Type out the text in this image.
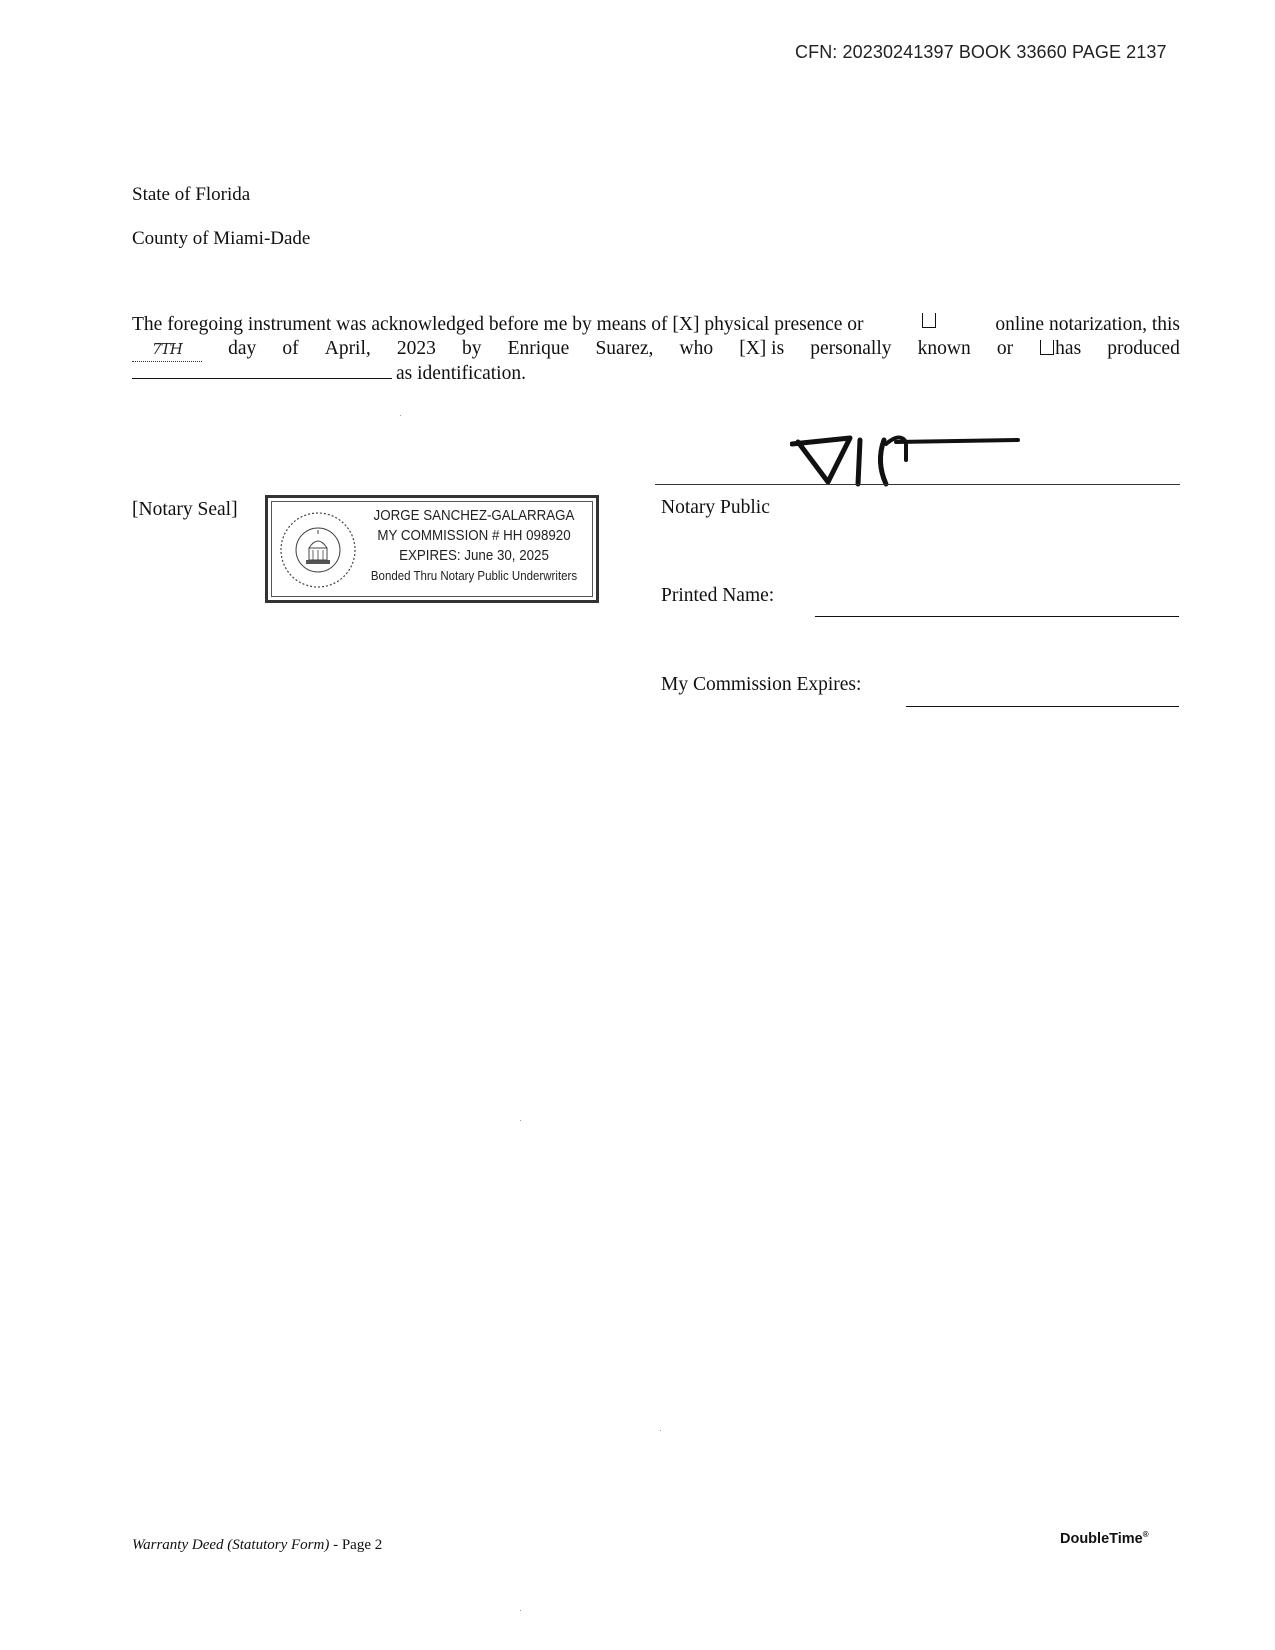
CFN: 20230241397 BOOK 33660 PAGE 2137
State of Florida
County of Miami-Dade
The foregoing instrument was acknowledged before me by means of [X] physical presence or	online notarization, this
7TH	day of April, 2023 by Enrique Suarez, who [X] is personally known or	has produced
as identification.
[Notary Seal]	JORGE SANCHEZ-GALARRAGA
MY COMMISSION # HH 098920
EXPIRES: June 30, 2025
Bonded Thru Notary Public Underwriters
Notary Public
Printed Name:
My Commission Expires:
Warranty Deed (Statutory Form) - Page 2	DoubleTime®
